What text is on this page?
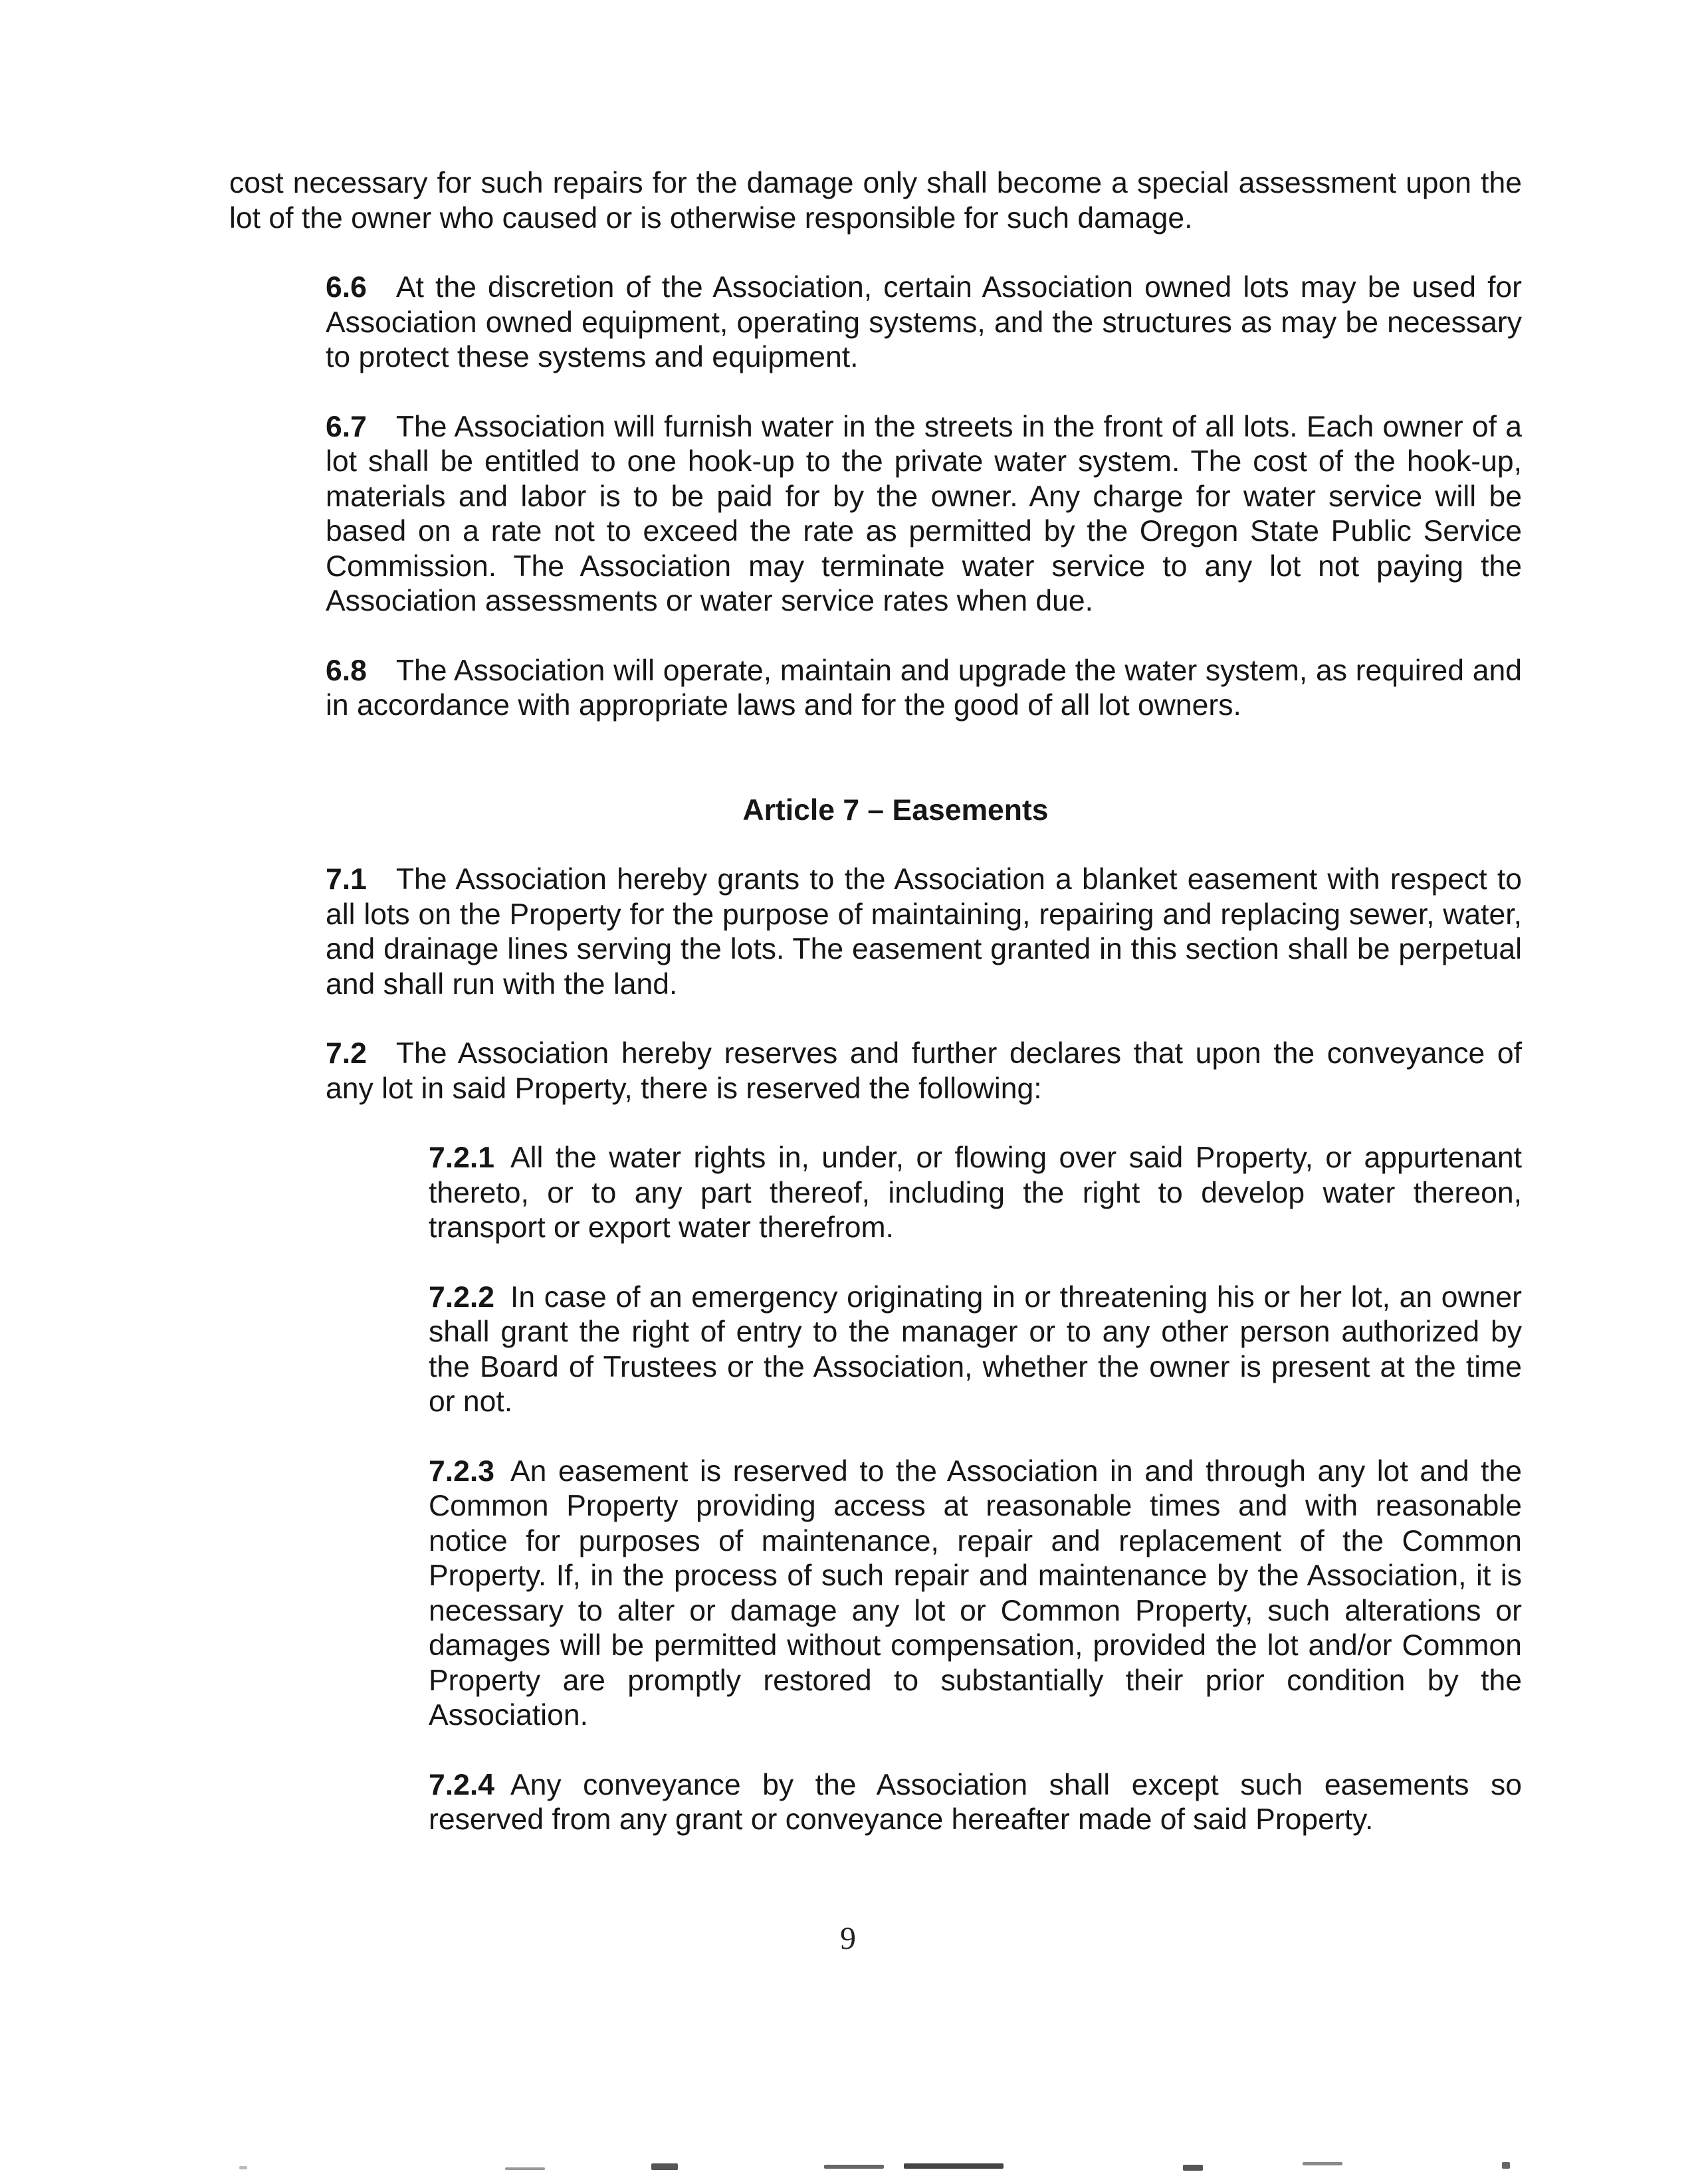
cost necessary for such repairs for the damage only shall become a special assessment upon the lot of the owner who caused or is otherwise responsible for such damage.

6.6 At the discretion of the Association, certain Association owned lots may be used for Association owned equipment, operating systems, and the structures as may be necessary to protect these systems and equipment.

6.7 The Association will furnish water in the streets in the front of all lots. Each owner of a lot shall be entitled to one hook-up to the private water system. The cost of the hook-up, materials and labor is to be paid for by the owner. Any charge for water service will be based on a rate not to exceed the rate as permitted by the Oregon State Public Service Commission. The Association may terminate water service to any lot not paying the Association assessments or water service rates when due.

6.8 The Association will operate, maintain and upgrade the water system, as required and in accordance with appropriate laws and for the good of all lot owners.

Article 7 – Easements

7.1 The Association hereby grants to the Association a blanket easement with respect to all lots on the Property for the purpose of maintaining, repairing and replacing sewer, water, and drainage lines serving the lots. The easement granted in this section shall be perpetual and shall run with the land.

7.2 The Association hereby reserves and further declares that upon the conveyance of any lot in said Property, there is reserved the following:

7.2.1 All the water rights in, under, or flowing over said Property, or appurtenant thereto, or to any part thereof, including the right to develop water thereon, transport or export water therefrom.

7.2.2 In case of an emergency originating in or threatening his or her lot, an owner shall grant the right of entry to the manager or to any other person authorized by the Board of Trustees or the Association, whether the owner is present at the time or not.

7.2.3 An easement is reserved to the Association in and through any lot and the Common Property providing access at reasonable times and with reasonable notice for purposes of maintenance, repair and replacement of the Common Property. If, in the process of such repair and maintenance by the Association, it is necessary to alter or damage any lot or Common Property, such alterations or damages will be permitted without compensation, provided the lot and/or Common Property are promptly restored to substantially their prior condition by the Association.

7.2.4 Any conveyance by the Association shall except such easements so reserved from any grant or conveyance hereafter made of said Property.

9
